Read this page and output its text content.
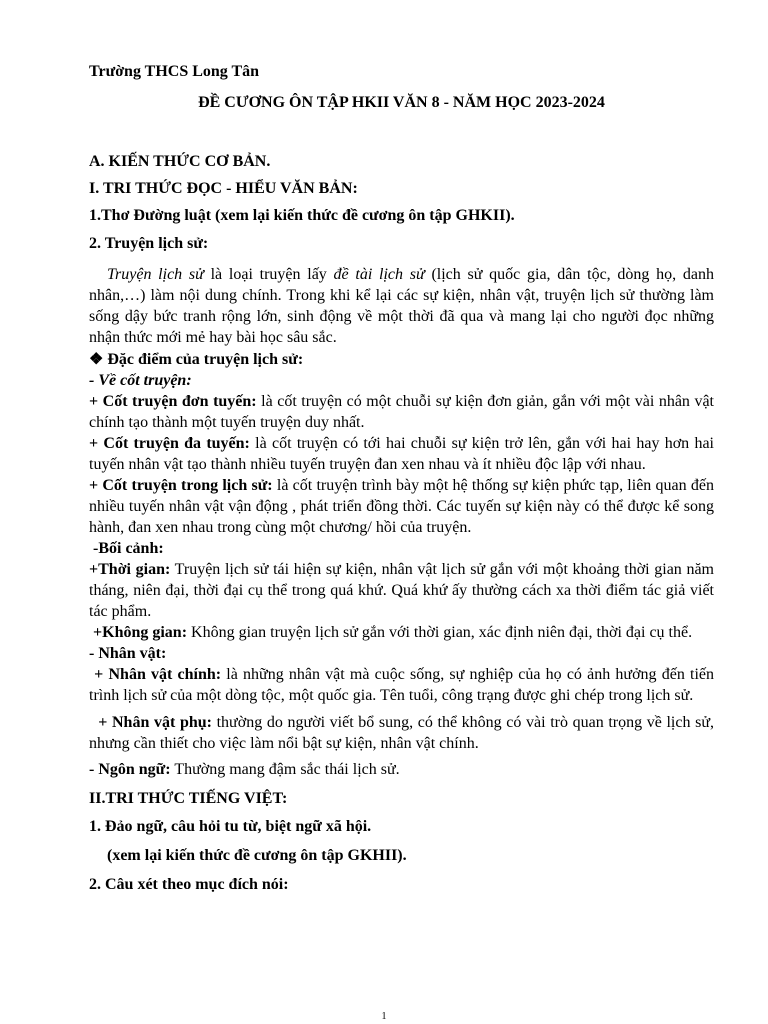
Trường THCS Long Tân

ĐỀ CƯƠNG ÔN TẬP HKII VĂN 8 - NĂM HỌC 2023-2024

A. KIẾN THỨC CƠ BẢN.

I. TRI THỨC ĐỌC - HIỂU VĂN BẢN:

1.Thơ Đường luật (xem lại kiến thức đề cương ôn tập GHKII).

2. Truyện lịch sử:

Truyện lịch sử là loại truyện lấy đề tài lịch sử (lịch sử quốc gia, dân tộc, dòng họ, danh nhân,…) làm nội dung chính. Trong khi kể lại các sự kiện, nhân vật, truyện lịch sử thường làm sống dậy bức tranh rộng lớn, sinh động về một thời đã qua và mang lại cho người đọc những nhận thức mới mẻ hay bài học sâu sắc.

❖ Đặc điểm của truyện lịch sử:

- Về cốt truyện:

+ Cốt truyện đơn tuyến: là cốt truyện có một chuỗi sự kiện đơn giản, gắn với một vài nhân vật chính tạo thành một tuyến truyện duy nhất.

+ Cốt truyện đa tuyến: là cốt truyện có tới hai chuỗi sự kiện trở lên, gắn với hai hay hơn hai tuyến nhân vật tạo thành nhiều tuyến truyện đan xen nhau và ít nhiều độc lập với nhau.

+ Cốt truyện trong lịch sử: là cốt truyện trình bày một hệ thống sự kiện phức tạp, liên quan đến nhiều tuyến nhân vật vận động , phát triển đồng thời. Các tuyến sự kiện này có thể được kể song hành, đan xen nhau trong cùng một chương/ hồi của truyện.

-Bối cảnh:

+Thời gian: Truyện lịch sử tái hiện sự kiện, nhân vật lịch sử gắn với một khoảng thời gian năm tháng, niên đại, thời đại cụ thể trong quá khứ. Quá khứ ấy thường cách xa thời điểm tác giả viết tác phẩm.

+Không gian: Không gian truyện lịch sử gắn với thời gian, xác định niên đại, thời đại cụ thể.

- Nhân vật:

+ Nhân vật chính: là những nhân vật mà cuộc sống, sự nghiệp của họ có ảnh hưởng đến tiến trình lịch sử của một dòng tộc, một quốc gia. Tên tuổi, công trạng được ghi chép trong lịch sử.

+ Nhân vật phụ: thường do người viết bổ sung, có thể không có vài trò quan trọng về lịch sử, nhưng cần thiết cho việc làm nổi bật sự kiện, nhân vật chính.

- Ngôn ngữ: Thường mang đậm sắc thái lịch sử.

II.TRI THỨC TIẾNG VIỆT:

1. Đảo ngữ, câu hỏi tu từ, biệt ngữ xã hội.

(xem lại kiến thức đề cương ôn tập GKHII).

2. Câu xét theo mục đích nói:

1
